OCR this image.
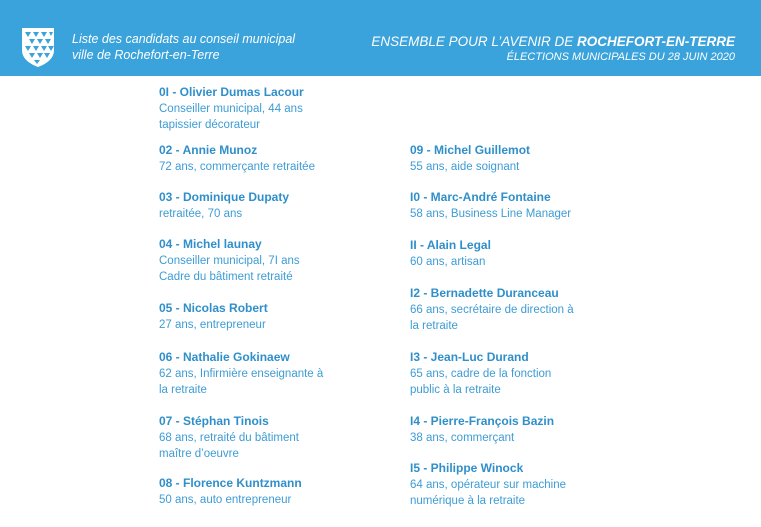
Liste des candidats au conseil municipal
ville de Rochefort-en-Terre
ENSEMBLE POUR L’AVENIR DE ROCHEFORT-EN-TERRE
ÉLECTIONS MUNICIPALES DU 28 JUIN 2020
0I - Olivier Dumas Lacour
Conseiller municipal, 44 ans
tapissier décorateur
02 - Annie Munoz
72 ans, commerçante retraitée
03 - Dominique Dupaty
retraitée, 70 ans
04 - Michel launay
Conseiller municipal, 7I ans
Cadre du bâtiment retraité
05 - Nicolas Robert
27 ans, entrepreneur
06 - Nathalie Gokinaew
62 ans, Infirmière enseignante à
la retraite
07 - Stéphan Tinois
68 ans, retraité du bâtiment
maître d’oeuvre
08 - Florence Kuntzmann
50 ans, auto entrepreneur
09 - Michel Guillemot
55 ans, aide soignant
I0 - Marc-André Fontaine
58 ans, Business Line Manager
II - Alain Legal
60 ans, artisan
I2 - Bernadette Duranceau
66 ans, secrétaire de direction à
la retraite
I3 - Jean-Luc Durand
65 ans, cadre de la fonction
public à la retraite
I4 - Pierre-François Bazin
38 ans, commerçant
I5 - Philippe Winock
64 ans, opérateur sur machine
numérique à la retraite
